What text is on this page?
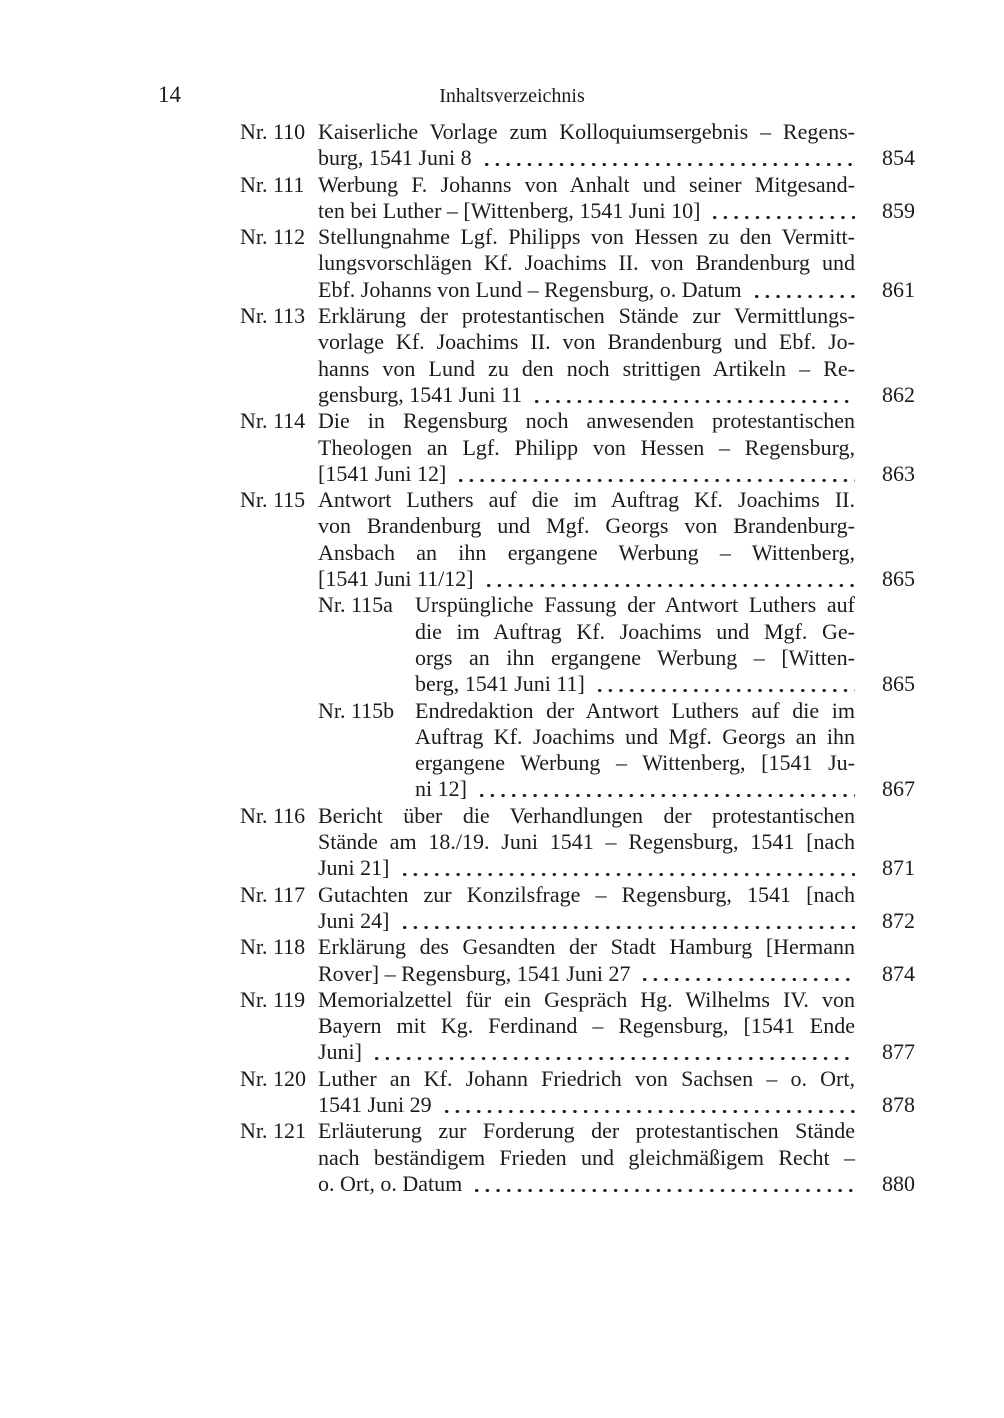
14	Inhaltsverzeichnis
Nr. 110 Kaiserliche Vorlage zum Kolloquiumsergebnis – Regens-
burg, 1541 Juni 8	854
Nr. 111 Werbung F. Johanns von Anhalt und seiner Mitgesand-
ten bei Luther – [Wittenberg, 1541 Juni 10]	859
Nr. 112 Stellungnahme Lgf. Philipps von Hessen zu den Vermitt-
lungsvorschlägen Kf. Joachims II. von Brandenburg und
Ebf. Johanns von Lund – Regensburg, o. Datum	861
Nr. 113 Erklärung der protestantischen Stände zur Vermittlungs-
vorlage Kf. Joachims II. von Brandenburg und Ebf. Jo-
hanns von Lund zu den noch strittigen Artikeln – Re-
gensburg, 1541 Juni 11	862
Nr. 114 Die in Regensburg noch anwesenden protestantischen
Theologen an Lgf. Philipp von Hessen – Regensburg,
[1541 Juni 12]	863
Nr. 115 Antwort Luthers auf die im Auftrag Kf. Joachims II.
von Brandenburg und Mgf. Georgs von Brandenburg-
Ansbach an ihn ergangene Werbung – Wittenberg,
[1541 Juni 11/12]	865
Nr. 115a	Urspüngliche Fassung der Antwort Luthers auf
die im Auftrag Kf. Joachims und Mgf. Ge-
orgs an ihn ergangene Werbung – [Witten-
berg, 1541 Juni 11]	865
Nr. 115b Endredaktion der Antwort Luthers auf die im
Auftrag Kf. Joachims und Mgf. Georgs an ihn
ergangene Werbung – Wittenberg, [1541 Ju-
ni 12]	867
Nr. 116 Bericht über die Verhandlungen der protestantischen
Stände am 18./19. Juni 1541 – Regensburg, 1541 [nach
Juni 21]	871
Nr. 117 Gutachten zur Konzilsfrage – Regensburg, 1541 [nach
Juni 24]	872
Nr. 118 Erklärung des Gesandten der Stadt Hamburg [Hermann
Rover] – Regensburg, 1541 Juni 27	874
Nr. 119 Memorialzettel für ein Gespräch Hg. Wilhelms IV. von
Bayern mit Kg. Ferdinand – Regensburg, [1541 Ende
Juni]	877
Nr. 120 Luther an Kf. Johann Friedrich von Sachsen – o. Ort,
1541 Juni 29	878
Nr. 121 Erläuterung zur Forderung der protestantischen Stände
nach beständigem Frieden und gleichmäßigem Recht –
o. Ort, o. Datum	880
